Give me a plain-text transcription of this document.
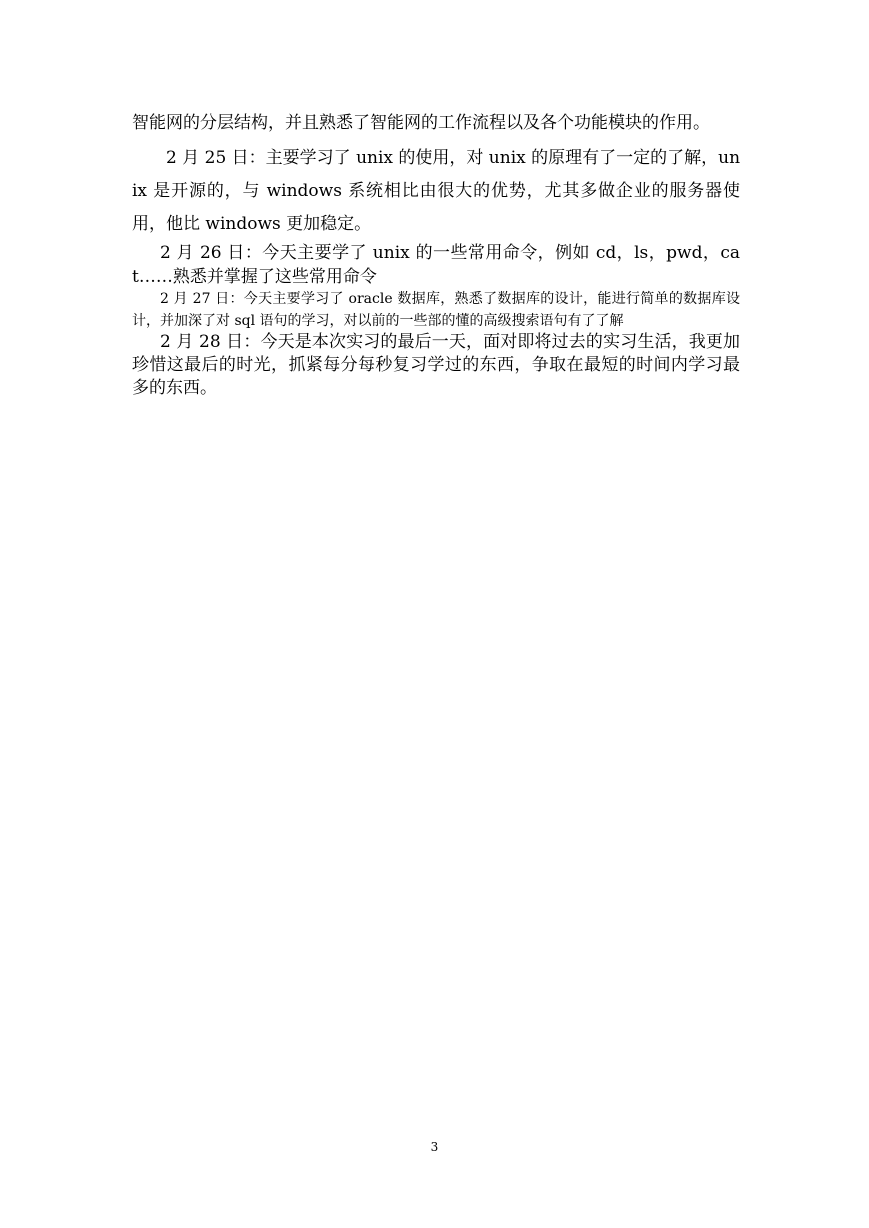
智能网的分层结构，并且熟悉了智能网的工作流程以及各个功能模块的作用。

2 月 25 日：主要学习了 unix 的使用，对 unix 的原理有了一定的了解，unix 是开源的，与 windows 系统相比由很大的优势，尤其多做企业的服务器使用，他比 windows 更加稳定。

2 月 26 日：今天主要学了 unix 的一些常用命令，例如 cd，ls，pwd，cat……熟悉并掌握了这些常用命令

2 月 27 日：今天主要学习了 oracle 数据库，熟悉了数据库的设计，能进行简单的数据库设计，并加深了对 sql 语句的学习，对以前的一些部的懂的高级搜索语句有了了解

2 月 28 日：今天是本次实习的最后一天，面对即将过去的实习生活，我更加珍惜这最后的时光，抓紧每分每秒复习学过的东西，争取在最短的时间内学习最多的东西。

3
